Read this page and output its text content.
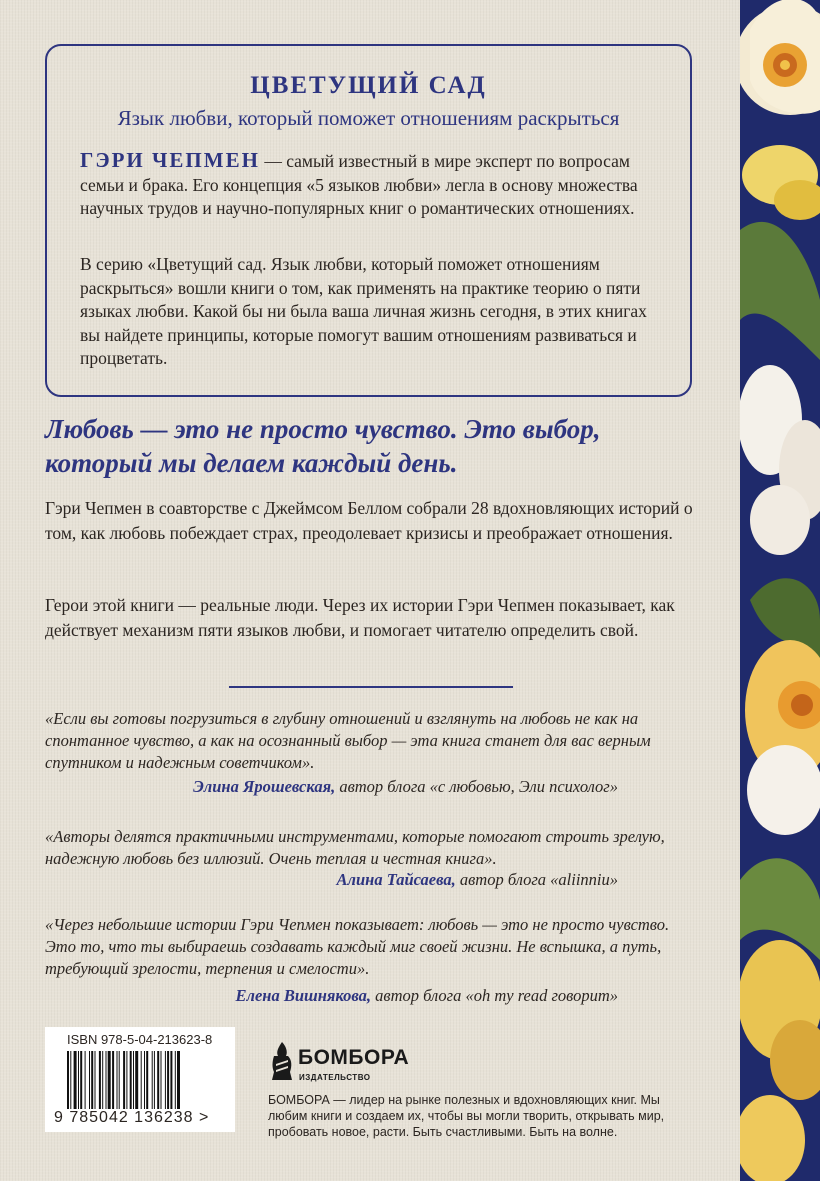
ЦВЕТУЩИЙ САД
Язык любви, который поможет отношениям раскрыться
ГЭРИ ЧЕПМЕН — самый известный в мире эксперт по вопросам семьи и брака. Его концепция «5 языков любви» легла в основу множества научных трудов и научно-популярных книг о романтических отношениях.
В серию «Цветущий сад. Язык любви, который поможет отношениям раскрыться» вошли книги о том, как применять на практике теорию о пяти языках любви. Какой бы ни была ваша личная жизнь сегодня, в этих книгах вы найдете принципы, которые помогут вашим отношениям развиваться и процветать.
Любовь — это не просто чувство. Это выбор,
который мы делаем каждый день.
Гэри Чепмен в соавторстве с Джеймсом Беллом собрали 28 вдохновляющих историй о том, как любовь побеждает страх, преодолевает кризисы и преображает отношения.
Герои этой книги — реальные люди. Через их истории Гэри Чепмен показывает, как действует механизм пяти языков любви, и помогает читателю определить свой.
«Если вы готовы погрузиться в глубину отношений и взглянуть на любовь не как на спонтанное чувство, а как на осознанный выбор — эта книга станет для вас верным спутником и надежным советчиком».
Элина Ярошевская, автор блога «с любовью, Эли психолог»
«Авторы делятся практичными инструментами, которые помогают строить зрелую, надежную любовь без иллюзий. Очень теплая и честная книга».
Алина Тайсаева, автор блога «aliinniu»
«Через небольшие истории Гэри Чепмен показывает: любовь — это не просто чувство. Это то, что ты выбираешь создавать каждый миг своей жизни. Не вспышка, а путь, требующий зрелости, терпения и смелости».
Елена Вишнякова, автор блога «oh my read говорит»
ISBN 978-5-04-213623-8
9 785042 136238 >
БОМБОРА
ИЗДАТЕЛЬСТВО
БОМБОРА — лидер на рынке полезных и вдохновляющих книг. Мы любим книги и создаем их, чтобы вы могли творить, открывать мир, пробовать новое, расти. Быть счастливыми. Быть на волне.
